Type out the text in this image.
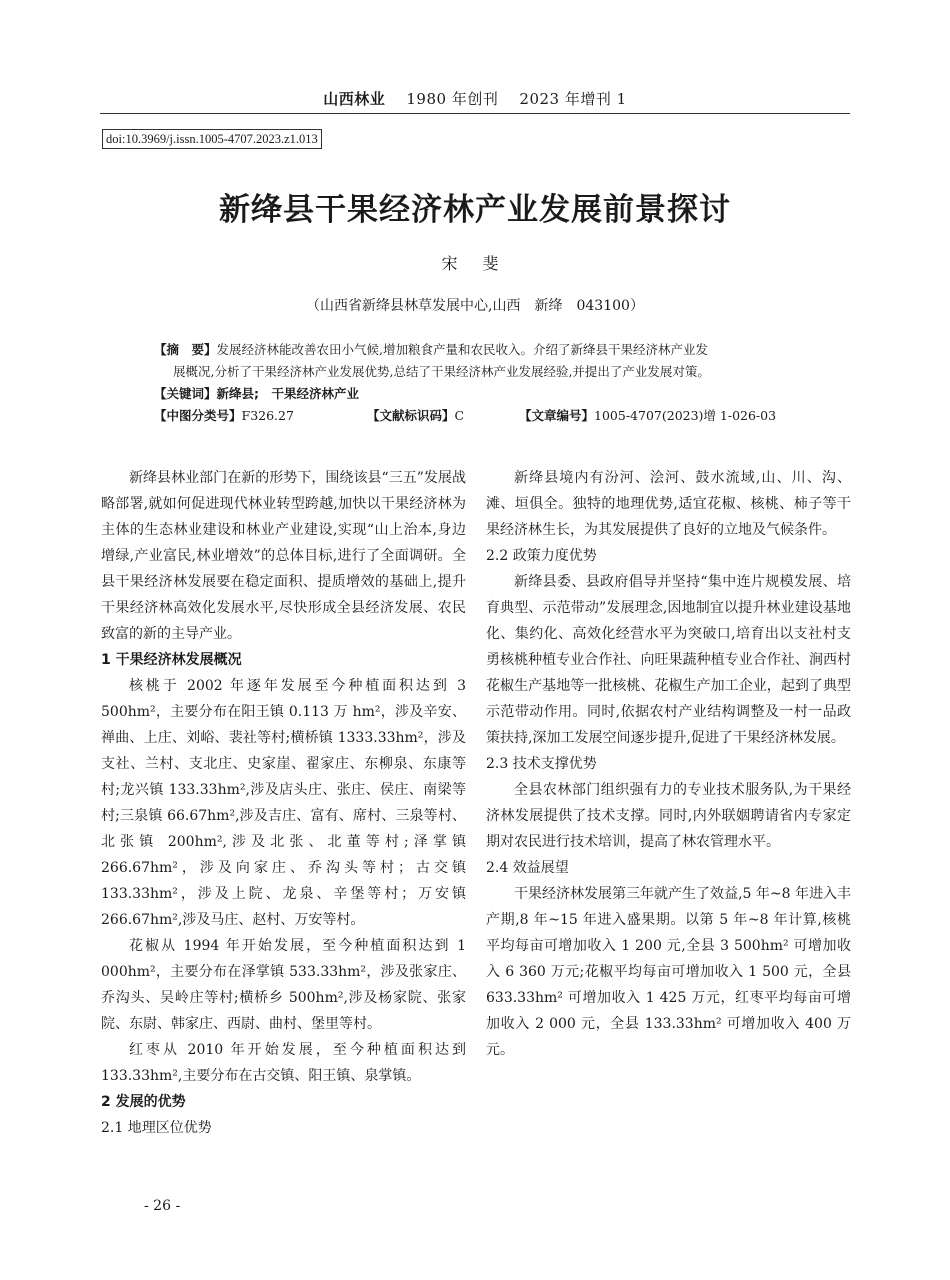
山西林业 1980 年创刊 2023 年增刊 1
doi:10.3969/j.issn.1005-4707.2023.z1.013
新绛县干果经济林产业发展前景探讨
宋 斐
（山西省新绛县林草发展中心,山西　新绛　043100）
【摘　要】发展经济林能改善农田小气候,增加粮食产量和农民收入。介绍了新绛县干果经济林产业发
展概况,分析了干果经济林产业发展优势,总结了干果经济林产业发展经验,并提出了产业发展对策。
【关键词】新绛县;　干果经济林产业
【中图分类号】F326.27	【文献标识码】C	【文章编号】1005-4707(2023)增 1-026-03

新绛县林业部门在新的形势下，围绕该县“三五”发展战略部署,就如何促进现代林业转型跨越,加快以干果经济林为主体的生态林业建设和林业产业建设,实现“山上治本,身边增绿,产业富民,林业增效”的总体目标,进行了全面调研。全县干果经济林发展要在稳定面积、提质增效的基础上,提升干果经济林高效化发展水平,尽快形成全县经济发展、农民致富的新的主导产业。

1 干果经济林发展概况

核桃于 2002 年逐年发展至今种植面积达到 3 500hm²，主要分布在阳王镇 0.113 万 hm²，涉及辛安、禅曲、上庄、刘峪、裴社等村;横桥镇 1333.33hm²，涉及支社、兰村、支北庄、史家崖、翟家庄、东柳泉、东康等村;龙兴镇 133.33hm²,涉及店头庄、张庄、侯庄、南梁等村;三泉镇 66.67hm²,涉及吉庄、富有、席村、三泉等村、北张镇 200hm²,涉及北张、北董等村;泽掌镇 266.67hm²，涉及向家庄、乔沟头等村；古交镇 133.33hm²，涉及上院、龙泉、辛堡等村；万安镇 266.67hm²,涉及马庄、赵村、万安等村。

花椒从 1994 年开始发展，至今种植面积达到 1 000hm²，主要分布在泽掌镇 533.33hm²，涉及张家庄、乔沟头、吴岭庄等村;横桥乡 500hm²,涉及杨家院、张家院、东尉、韩家庄、西尉、曲村、堡里等村。

红枣从 2010 年开始发展，至今种植面积达到 133.33hm²,主要分布在古交镇、阳王镇、泉掌镇。

2 发展的优势
2.1 地理区位优势

新绛县境内有汾河、浍河、鼓水流域,山、川、沟、滩、垣俱全。独特的地理优势,适宜花椒、核桃、柿子等干果经济林生长，为其发展提供了良好的立地及气候条件。

2.2 政策力度优势

新绛县委、县政府倡导并坚持“集中连片规模发展、培育典型、示范带动”发展理念,因地制宜以提升林业建设基地化、集约化、高效化经营水平为突破口,培育出以支社村支勇核桃种植专业合作社、向旺果蔬种植专业合作社、涧西村花椒生产基地等一批核桃、花椒生产加工企业，起到了典型示范带动作用。同时,依据农村产业结构调整及一村一品政策扶持,深加工发展空间逐步提升,促进了干果经济林发展。

2.3 技术支撑优势

全县农林部门组织强有力的专业技术服务队,为干果经济林发展提供了技术支撑。同时,内外联姻聘请省内专家定期对农民进行技术培训，提高了林农管理水平。

2.4 效益展望

干果经济林发展第三年就产生了效益,5 年~8 年进入丰产期,8 年~15 年进入盛果期。以第 5 年~8 年计算,核桃平均每亩可增加收入 1 200 元,全县 3 500hm² 可增加收入 6 360 万元;花椒平均每亩可增加收入 1 500 元，全县 633.33hm² 可增加收入 1 425 万元，红枣平均每亩可增加收入 2 000 元，全县 133.33hm² 可增加收入 400 万元。

- 26 -
